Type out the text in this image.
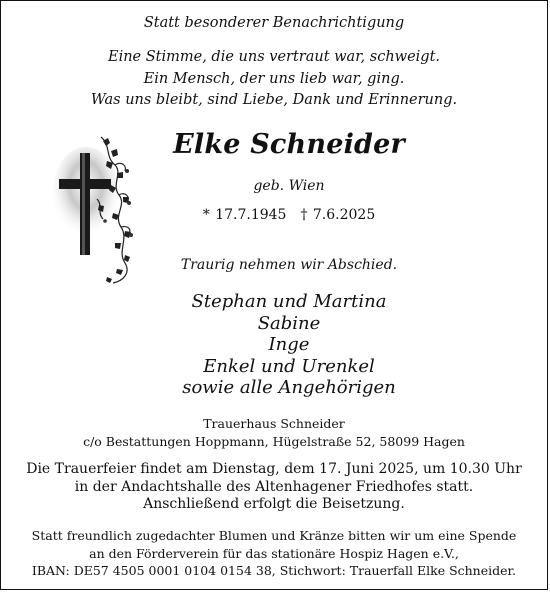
Statt besonderer Benachrichtigung
Eine Stimme, die uns vertraut war, schweigt.
Ein Mensch, der uns lieb war, ging.
Was uns bleibt, sind Liebe, Dank und Erinnerung.
Elke Schneider
geb. Wien
* 17.7.1945 † 7.6.2025
Traurig nehmen wir Abschied.
Stephan und Martina
Sabine
Inge
Enkel und Urenkel
sowie alle Angehörigen
Trauerhaus Schneider
c/o Bestattungen Hoppmann, Hügelstraße 52, 58099 Hagen
Die Trauerfeier findet am Dienstag, dem 17. Juni 2025, um 10.30 Uhr
in der Andachtshalle des Altenhagener Friedhofes statt.
Anschließend erfolgt die Beisetzung.
Statt freundlich zugedachter Blumen und Kränze bitten wir um eine Spende
an den Förderverein für das stationäre Hospiz Hagen e.V.,
IBAN: DE57 4505 0001 0104 0154 38, Stichwort: Trauerfall Elke Schneider.
